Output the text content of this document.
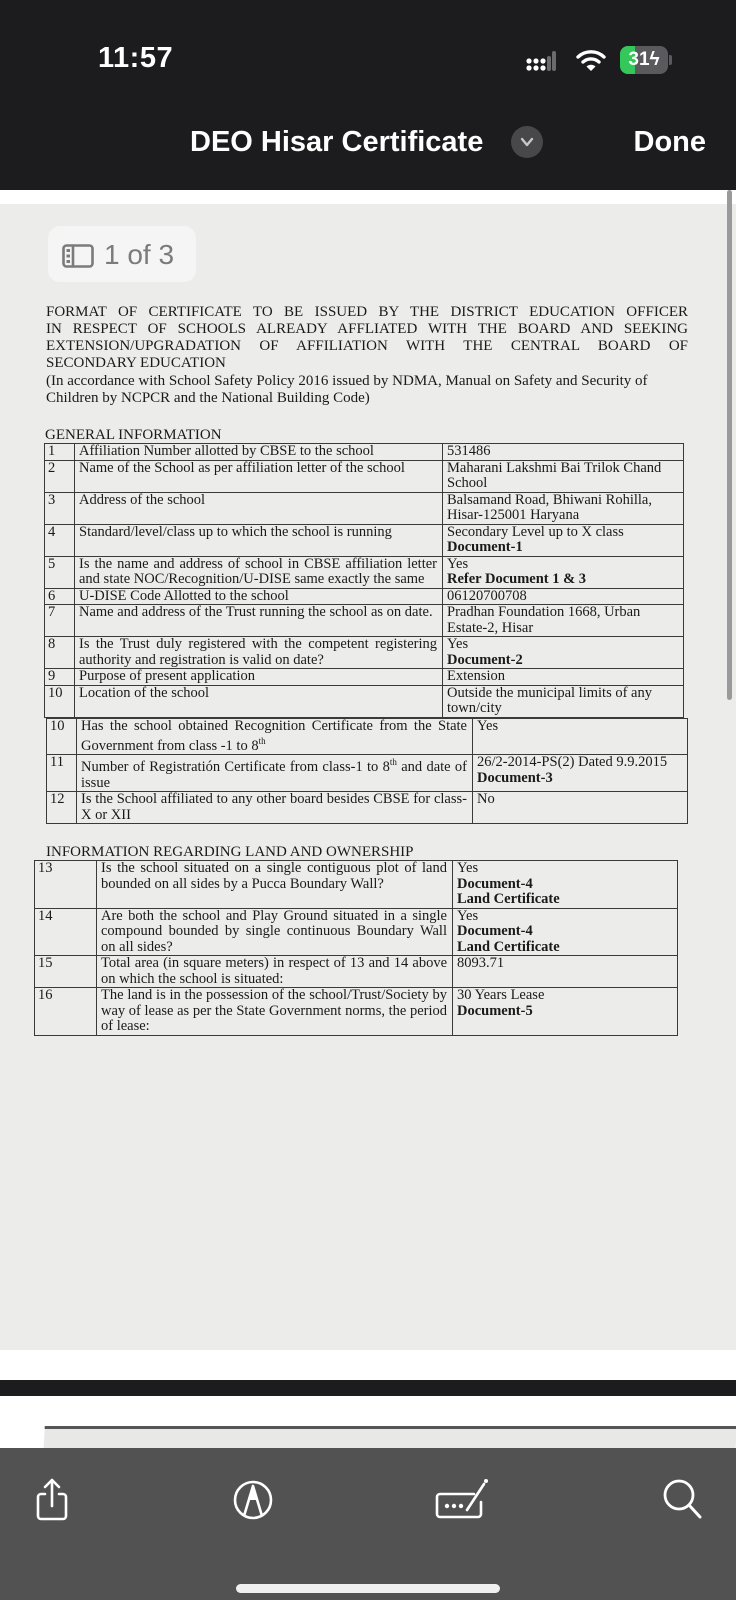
11:57	31ϟ
DEO Hisar Certificate	Done
FORMAT OF CERTIFICATE TO BE ISSUED BY THE DISTRICT EDUCATION OFFICER
IN RESPECT OF SCHOOLS ALREADY AFFLIATED WITH THE BOARD AND SEEKING
EXTENSION/UPGRADATION OF AFFILIATION WITH THE CENTRAL BOARD OF
SECONDARY EDUCATION
(In accordance with School Safety Policy 2016 issued by NDMA, Manual on Safety and Security of Children by NCPCR and the National Building Code)
GENERAL INFORMATION
1	Affiliation Number allotted by CBSE to the school	531486

2	Name of the School as per affiliation letter of the school	Maharani Lakshmi Bai Trilok Chand School

3	Address of the school	Balsamand Road, Bhiwani Rohilla, Hisar-125001 Haryana

4	Standard/level/class up to which the school is running	Secondary Level up to X class
Document-1

5	Is the name and address of school in CBSE affiliation letter and state NOC/Recognition/U-DISE same exactly the same	Yes
Refer Document 1 & 3

6	U-DISE Code Allotted to the school	06120700708

7	Name and address of the Trust running the school as on date.	Pradhan Foundation 1668, Urban Estate-2, Hisar

8	Is the Trust duly registered with the competent registering authority and registration is valid on date?	Yes
Document-2

9	Purpose of present application	Extension

10	Location of the school	Outside the municipal limits of any town/city
10	Has the school obtained Recognition Certificate from the State Government from class -1 to 8th	Yes

11	Number of Registratión Certificate from class-1 to 8th and date of issue	26/2-2014-PS(2) Dated 9.9.2015
Document-3

12	Is the School affiliated to any other board besides CBSE for class-X or XII	No
INFORMATION REGARDING LAND AND OWNERSHIP
13	Is the school situated on a single contiguous plot of land bounded on all sides by a Pucca Boundary Wall?	Yes
Document-4
Land Certificate

14	Are both the school and Play Ground situated in a single compound bounded by single continuous Boundary Wall on all sides?	Yes
Document-4
Land Certificate

15	Total area (in square meters) in respect of 13 and 14 above on which the school is situated:	8093.71

16	The land is in the possession of the school/Trust/Society by way of lease as per the State Government norms, the period of lease:	30 Years Lease
Document-5
1 of 3
